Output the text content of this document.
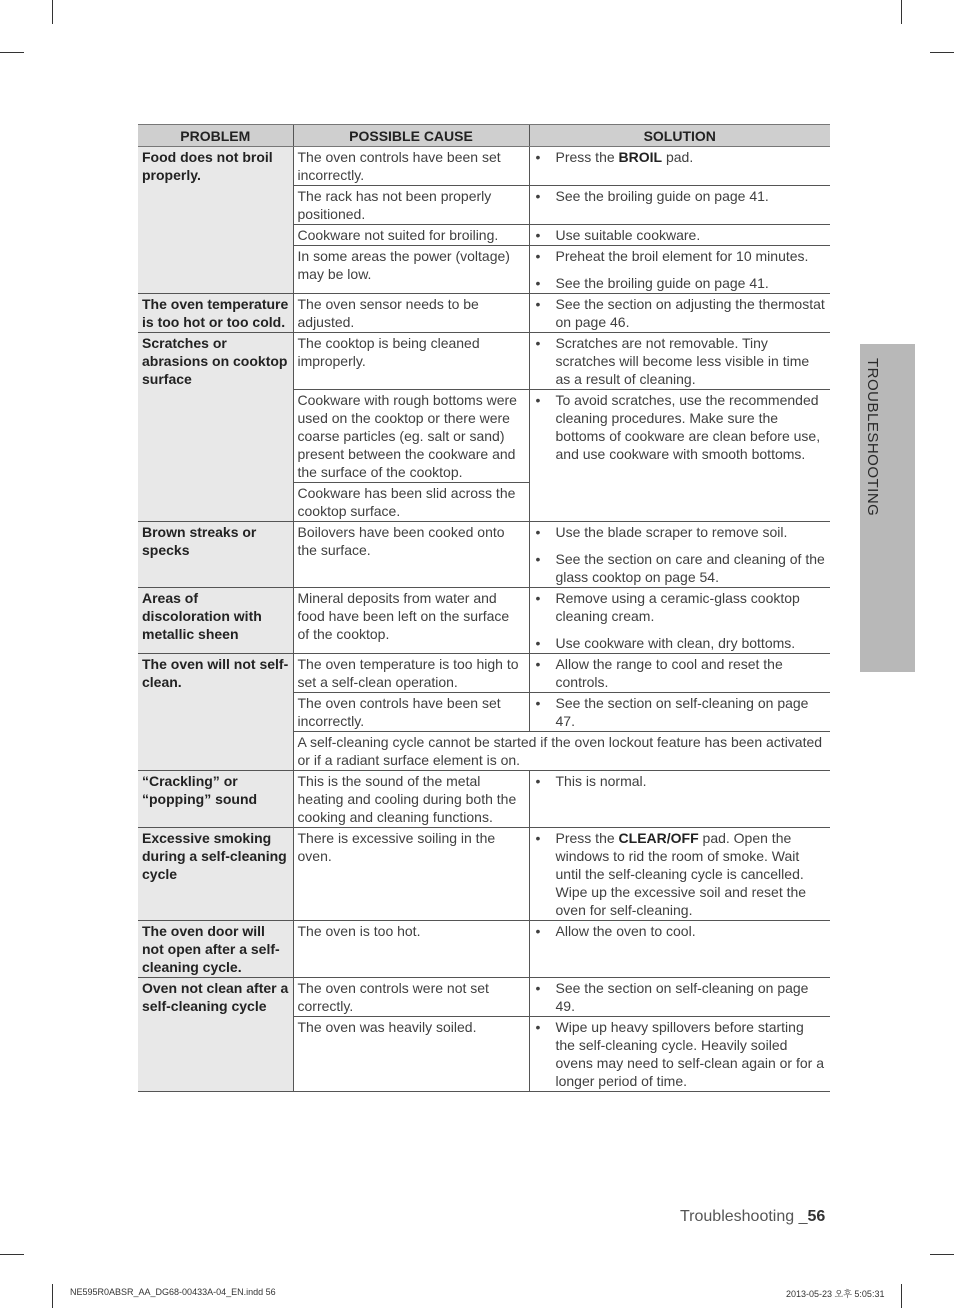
TROUBLESHOOTING
PROBLEM	POSSIBLE CAUSE	SOLUTION
Food does not broil properly.	The oven controls have been set incorrectly.	• Press the BROIL pad.

	The rack has not been properly positioned.	• See the broiling guide on page 41.

	Cookware not suited for broiling.	• Use suitable cookware.

	In some areas the power (voltage) may be low.	• Preheat the broil element for 10 minutes.
• See the broiling guide on page 41.

The oven temperature is too hot or too cold.	The oven sensor needs to be adjusted.	• See the section on adjusting the thermostat on page 46.

Scratches or abrasions on cooktop surface	The cooktop is being cleaned improperly.	• Scratches are not removable. Tiny scratches will become less visible in time as a result of cleaning.

	Cookware with rough bottoms were used on the cooktop or there were coarse particles (eg. salt or sand) present between the cookware and the surface of the cooktop.	• To avoid scratches, use the recommended cleaning procedures. Make sure the bottoms of cookware are clean before use, and use cookware with smooth bottoms.

	Cookware has been slid across the cooktop surface.	
Brown streaks or specks	Boilovers have been cooked onto the surface.	• Use the blade scraper to remove soil.
• See the section on care and cleaning of the glass cooktop on page 54.

Areas of discoloration with metallic sheen	Mineral deposits from water and food have been left on the surface of the cooktop.	• Remove using a ceramic-glass cooktop cleaning cream.
• Use cookware with clean, dry bottoms.

The oven will not self-clean.	The oven temperature is too high to set a self-clean operation.	• Allow the range to cool and reset the controls.

	The oven controls have been set incorrectly.	• See the section on self-cleaning on page 47.

	A self-cleaning cycle cannot be started if the oven lockout feature has been activated or if a radiant surface element is on.	
“Crackling” or “popping” sound	This is the sound of the metal heating and cooling during both the cooking and cleaning functions.	• This is normal.

Excessive smoking during a self-cleaning cycle	There is excessive soiling in the oven.	• Press the CLEAR/OFF pad. Open the windows to rid the room of smoke. Wait until the self-cleaning cycle is cancelled. Wipe up the excessive soil and reset the oven for self-cleaning.

The oven door will not open after a self-cleaning cycle.	The oven is too hot.	• Allow the oven to cool.

Oven not clean after a self-cleaning cycle	The oven controls were not set correctly.	• See the section on self-cleaning on page 49.

	The oven was heavily soiled.	• Wipe up heavy spillovers before starting the self-cleaning cycle. Heavily soiled ovens may need to self-clean again or for a longer period of time.
Troubleshooting _56
NE595R0ABSR_AA_DG68-00433A-04_EN.indd 56	2013-05-23 오후 5:05:31
